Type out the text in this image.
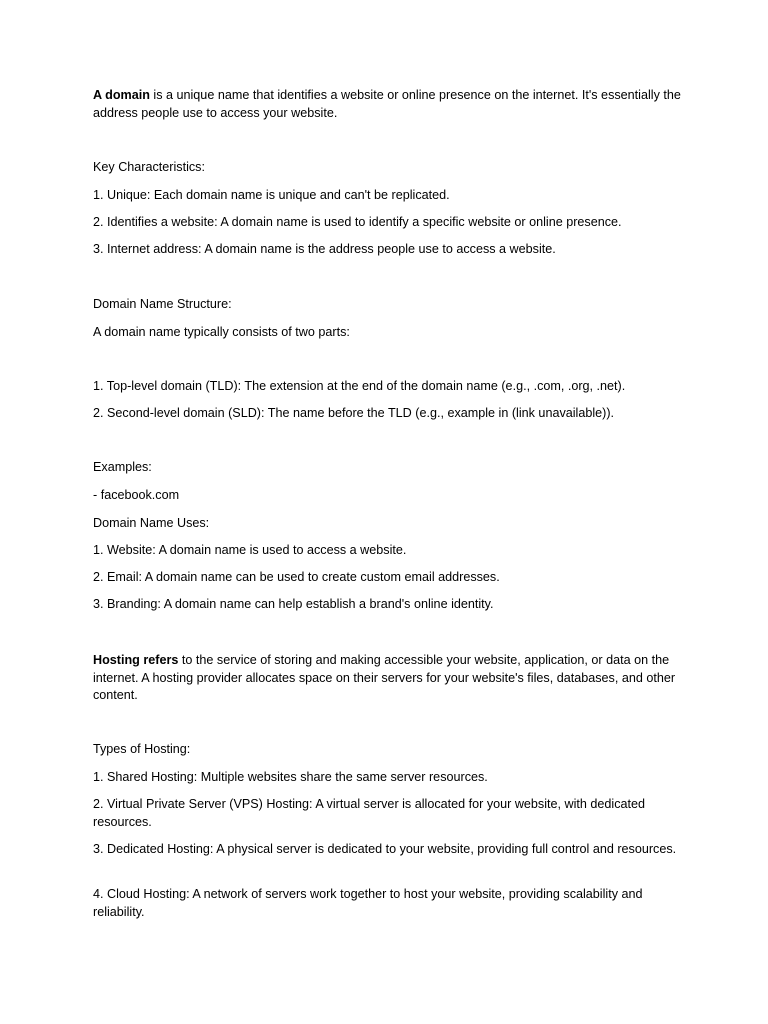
A domain is a unique name that identifies a website or online presence on the internet. It's essentially the address people use to access your website.

Key Characteristics:

1. Unique: Each domain name is unique and can't be replicated.

2. Identifies a website: A domain name is used to identify a specific website or online presence.

3. Internet address: A domain name is the address people use to access a website.

Domain Name Structure:

A domain name typically consists of two parts:

1. Top-level domain (TLD): The extension at the end of the domain name (e.g., .com, .org, .net).

2. Second-level domain (SLD): The name before the TLD (e.g., example in (link unavailable)).

Examples:

- facebook.com

Domain Name Uses:

1. Website: A domain name is used to access a website.

2. Email: A domain name can be used to create custom email addresses.

3. Branding: A domain name can help establish a brand's online identity.

Hosting refers to the service of storing and making accessible your website, application, or data on the internet. A hosting provider allocates space on their servers for your website's files, databases, and other content.

Types of Hosting:

1. Shared Hosting: Multiple websites share the same server resources.

2. Virtual Private Server (VPS) Hosting: A virtual server is allocated for your website, with dedicated resources.

3. Dedicated Hosting: A physical server is dedicated to your website, providing full control and resources.

4. Cloud Hosting: A network of servers work together to host your website, providing scalability and reliability.
